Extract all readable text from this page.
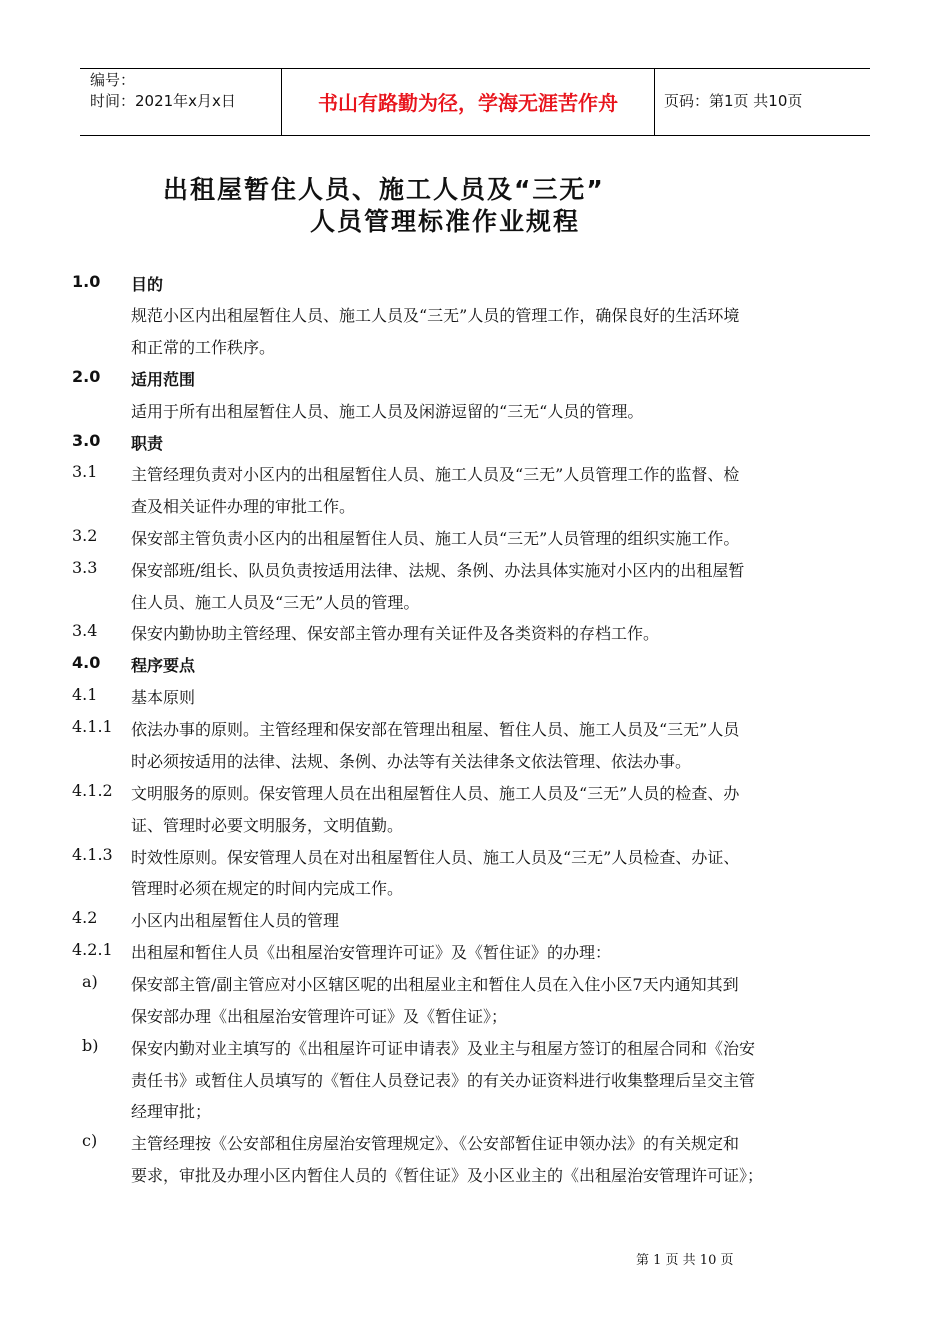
编号：
时间：2021年x月x日	书山有路勤为径，学海无涯苦作舟	页码：第1页 共10页
出租屋暂住人员、施工人员及“三无”
人员管理标准作业规程
1.0 目的
规范小区内出租屋暂住人员、施工人员及“三无”人员的管理工作，确保良好的生活环境
和正常的工作秩序。
2.0 适用范围
适用于所有出租屋暂住人员、施工人员及闲游逗留的“三无“人员的管理。
3.0 职责
3.1 主管经理负责对小区内的出租屋暂住人员、施工人员及“三无”人员管理工作的监督、检
查及相关证件办理的审批工作。
3.2 保安部主管负责小区内的出租屋暂住人员、施工人员“三无”人员管理的组织实施工作。
3.3 保安部班/组长、队员负责按适用法律、法规、条例、办法具体实施对小区内的出租屋暂
住人员、施工人员及“三无”人员的管理。
3.4 保安内勤协助主管经理、保安部主管办理有关证件及各类资料的存档工作。
4.0 程序要点
4.1 基本原则
4.1.1 依法办事的原则。主管经理和保安部在管理出租屋、暂住人员、施工人员及“三无”人员
时必须按适用的法律、法规、条例、办法等有关法律条文依法管理、依法办事。
4.1.2 文明服务的原则。保安管理人员在出租屋暂住人员、施工人员及“三无”人员的检查、办
证、管理时必要文明服务，文明值勤。
4.1.3 时效性原则。保安管理人员在对出租屋暂住人员、施工人员及“三无”人员检查、办证、
管理时必须在规定的时间内完成工作。
4.2 小区内出租屋暂住人员的管理
4.2.1 出租屋和暂住人员《出租屋治安管理许可证》及《暂住证》的办理：
a) 保安部主管/副主管应对小区辖区呢的出租屋业主和暂住人员在入住小区7天内通知其到
保安部办理《出租屋治安管理许可证》及《暂住证》；
b) 保安内勤对业主填写的《出租屋许可证申请表》及业主与租屋方签订的租屋合同和《治安
责任书》或暂住人员填写的《暂住人员登记表》的有关办证资料进行收集整理后呈交主管
经理审批；
c) 主管经理按《公安部租住房屋治安管理规定》、《公安部暂住证申领办法》的有关规定和
要求，审批及办理小区内暂住人员的《暂住证》及小区业主的《出租屋治安管理许可证》；
第 1 页 共 10 页
